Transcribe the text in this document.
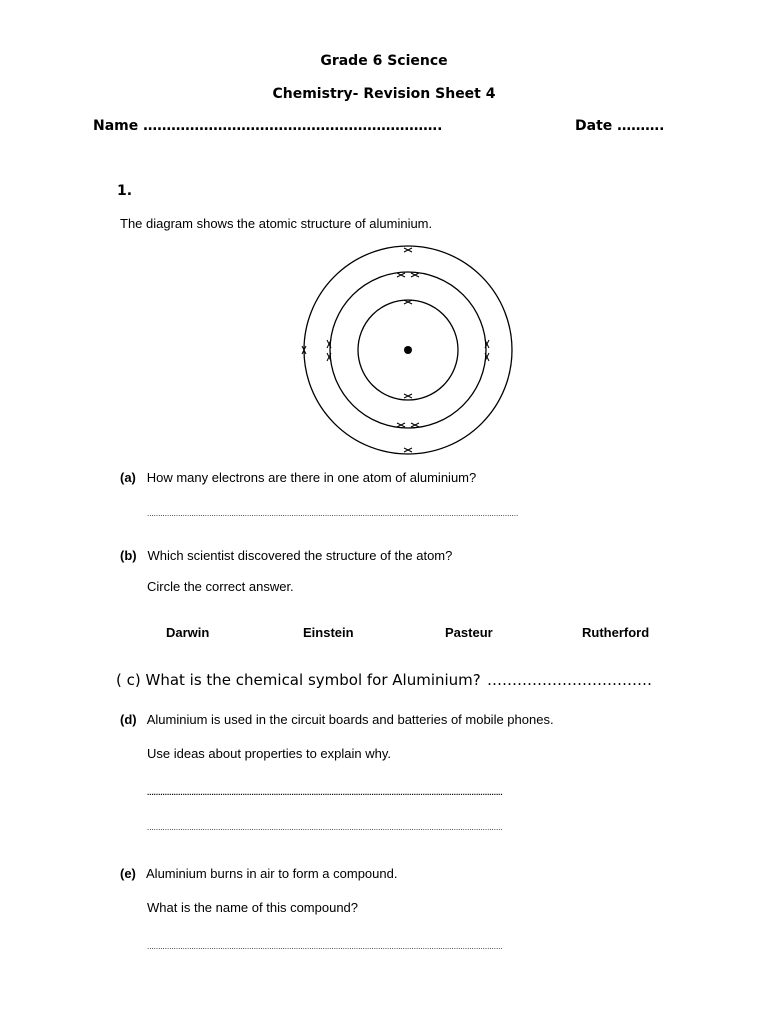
Grade 6 Science
Chemistry- Revision Sheet 4
Name ……………………………………………………….	Date ……….
1.
The diagram shows the atomic structure of aluminium.
(a) How many electrons are there in one atom of aluminium?
.......................................................................................................................................................................
(b) Which scientist discovered the structure of the atom?
Circle the correct answer.
Darwin	Einstein	Pasteur	Rutherford
( c) What is the chemical symbol for Aluminium? ……………………………
(d) Aluminium is used in the circuit boards and batteries of mobile phones.
Use ideas about properties to explain why.
................................................................................................................................................................
................................................................................................................................................................
(e) Aluminium burns in air to form a compound.
What is the name of this compound?
................................................................................................................................................................
